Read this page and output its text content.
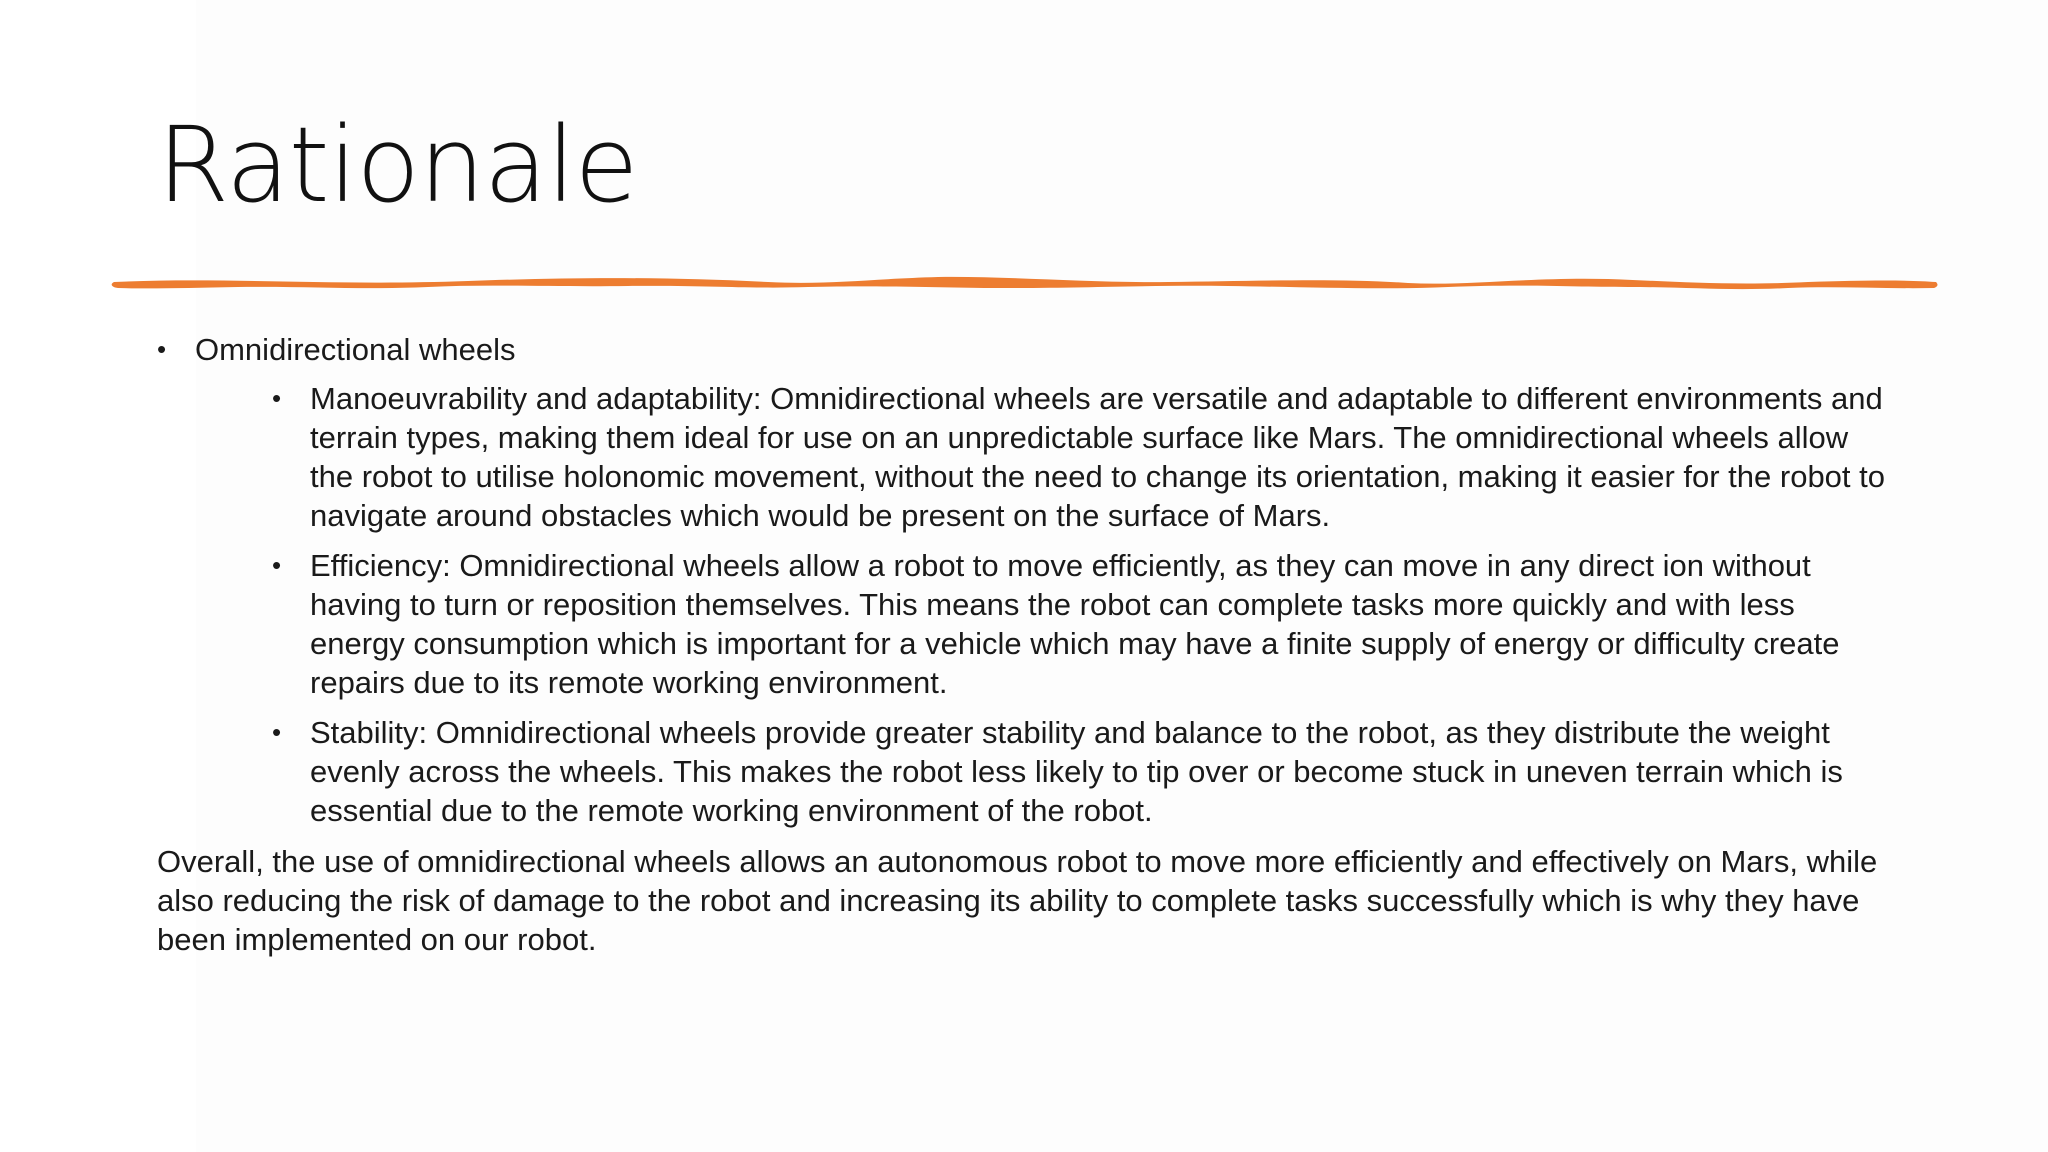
Rationale
• Omnidirectional wheels
• Manoeuvrability and adaptability: Omnidirectional wheels are versatile and adaptable to different environments and terrain types, making them ideal for use on an unpredictable surface like Mars. The omnidirectional wheels allow the robot to utilise holonomic movement, without the need to change its orientation, making it easier for the robot to navigate around obstacles which would be present on the surface of Mars.
• Efficiency: Omnidirectional wheels allow a robot to move efficiently, as they can move in any direct ion without having to turn or reposition themselves. This means the robot can complete tasks more quickly and with less energy consumption which is important for a vehicle which may have a finite supply of energy or difficulty create repairs due to its remote working environment.
• Stability: Omnidirectional wheels provide greater stability and balance to the robot, as they distribute the weight evenly across the wheels. This makes the robot less likely to tip over or become stuck in uneven terrain which is essential due to the remote working environment of the robot.

Overall, the use of omnidirectional wheels allows an autonomous robot to move more efficiently and effectively on Mars, while also reducing the risk of damage to the robot and increasing its ability to complete tasks successfully which is why they have been implemented on our robot.
